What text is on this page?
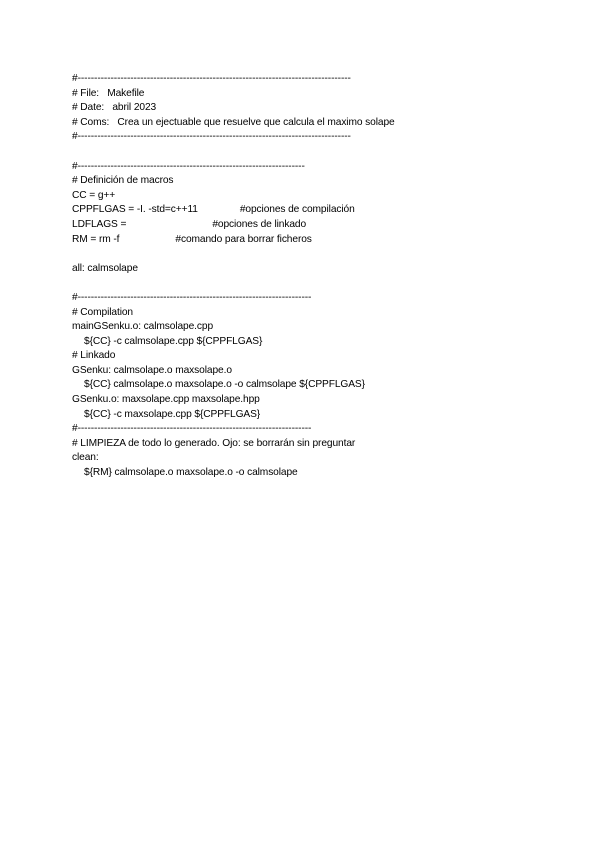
#-----------------------------------------------------------------------------------
# File:   Makefile
# Date:   abril 2023
# Coms:   Crea un ejectuable que resuelve que calcula el maximo solape
#-----------------------------------------------------------------------------------
#---------------------------------------------------------------------
# Definición de macros
CC = g++
CPPFLGAS = -I. -std=c++11	#opciones de compilación
LDFLAGS =	#opciones de linkado
RM = rm -f	#comando para borrar ficheros
all: calmsolape
#-----------------------------------------------------------------------
# Compilation
mainGSenku.o: calmsolape.cpp
${CC} -c calmsolape.cpp ${CPPFLGAS}
# Linkado
GSenku: calmsolape.o maxsolape.o
${CC} calmsolape.o maxsolape.o -o calmsolape ${CPPFLGAS}
GSenku.o: maxsolape.cpp maxsolape.hpp
${CC} -c maxsolape.cpp ${CPPFLGAS}
#-----------------------------------------------------------------------
# LIMPIEZA de todo lo generado. Ojo: se borrarán sin preguntar
clean:
${RM} calmsolape.o maxsolape.o -o calmsolape
